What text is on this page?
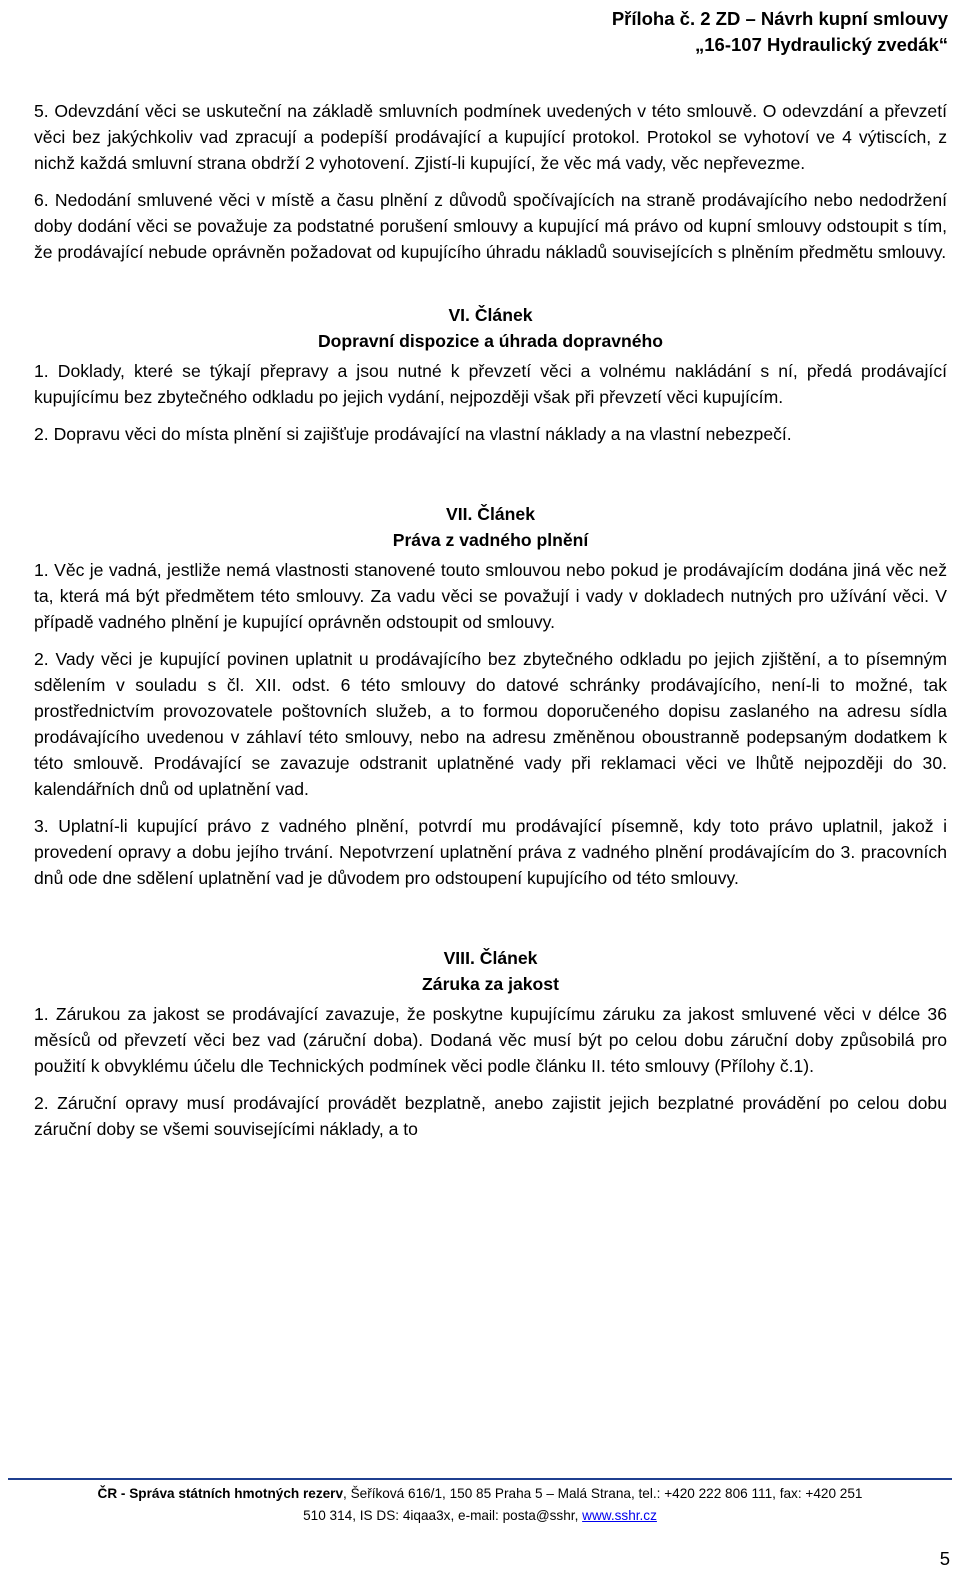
Příloha č. 2 ZD – Návrh kupní smlouvy
„16-107 Hydraulický zvedák“

5. Odevzdání věci se uskuteční na základě smluvních podmínek uvedených v této smlouvě. O odevzdání a převzetí věci bez jakýchkoliv vad zpracují a podepíší prodávající a kupující protokol. Protokol se vyhotoví ve 4 výtiscích, z nichž každá smluvní strana obdrží 2 vyhotovení. Zjistí-li kupující, že věc má vady, věc nepřevezme.

6. Nedodání smluvené věci v místě a času plnění z důvodů spočívajících na straně prodávajícího nebo nedodržení doby dodání věci se považuje za podstatné porušení smlouvy a kupující má právo od kupní smlouvy odstoupit s tím, že prodávající nebude oprávněn požadovat od kupujícího úhradu nákladů souvisejících s plněním předmětu smlouvy.

VI. Článek

Dopravní dispozice a úhrada dopravného

1. Doklady, které se týkají přepravy a jsou nutné k převzetí věci a volnému nakládání s ní, předá prodávající kupujícímu bez zbytečného odkladu po jejich vydání, nejpozději však při převzetí věci kupujícím.

2. Dopravu věci do místa plnění si zajišťuje prodávající na vlastní náklady a na vlastní nebezpečí.

VII. Článek

Práva z vadného plnění

1. Věc je vadná, jestliže nemá vlastnosti stanovené touto smlouvou nebo pokud je prodávajícím dodána jiná věc než ta, která má být předmětem této smlouvy. Za vadu věci se považují i vady v dokladech nutných pro užívání věci. V případě vadného plnění je kupující oprávněn odstoupit od smlouvy.

2. Vady věci je kupující povinen uplatnit u prodávajícího bez zbytečného odkladu po jejich zjištění, a to písemným sdělením v souladu s čl. XII. odst. 6 této smlouvy do datové schránky prodávajícího, není-li to možné, tak prostřednictvím provozovatele poštovních služeb, a to formou doporučeného dopisu zaslaného na adresu sídla prodávajícího uvedenou v záhlaví této smlouvy, nebo na adresu změněnou oboustranně podepsaným dodatkem k této smlouvě. Prodávající se zavazuje odstranit uplatněné vady při reklamaci věci ve lhůtě nejpozději do 30. kalendářních dnů od uplatnění vad.

3. Uplatní-li kupující právo z vadného plnění, potvrdí mu prodávající písemně, kdy toto právo uplatnil, jakož i provedení opravy a dobu jejího trvání. Nepotvrzení uplatnění práva z vadného plnění prodávajícím do 3. pracovních dnů ode dne sdělení uplatnění vad je důvodem pro odstoupení kupujícího od této smlouvy.

VIII. Článek

Záruka za jakost

1. Zárukou za jakost se prodávající zavazuje, že poskytne kupujícímu záruku za jakost smluvené věci v délce 36 měsíců od převzetí věci bez vad (záruční doba). Dodaná věc musí být po celou dobu záruční doby způsobilá pro použití k obvyklému účelu dle Technických podmínek věci podle článku II. této smlouvy (Přílohy č.1).

2. Záruční opravy musí prodávající provádět bezplatně, anebo zajistit jejich bezplatné provádění po celou dobu záruční doby se všemi souvisejícími náklady, a to

ČR - Správa státních hmotných rezerv, Šeříková 616/1, 150 85 Praha 5 – Malá Strana, tel.: +420 222 806 111, fax: +420 251
510 314, IS DS: 4iqaa3x, e-mail: posta@sshr, www.sshr.cz
5
